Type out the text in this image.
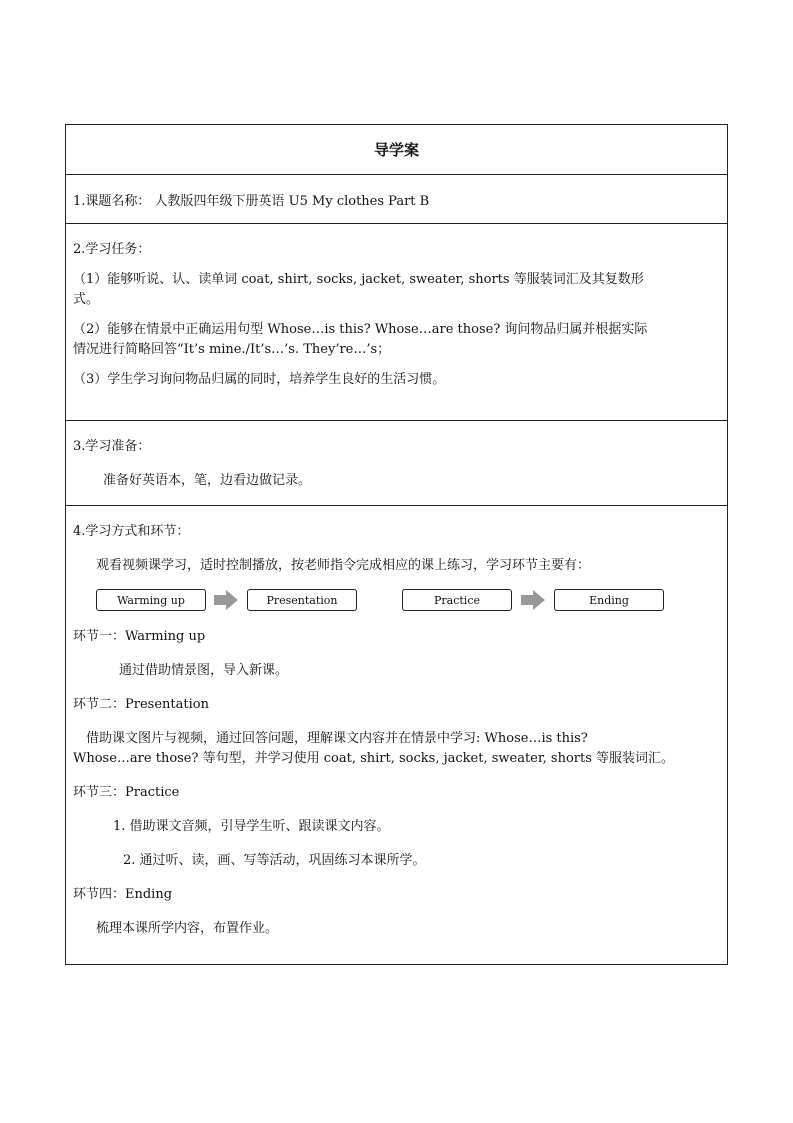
导学案
1.课题名称： 人教版四年级下册英语 U5 My clothes Part B

2.学习任务：

（1）能够听说、认、读单词 coat, shirt, socks, jacket, sweater, shorts 等服装词汇及其复数形

式。

（2）能够在情景中正确运用句型 Whose…is this? Whose…are those? 询问物品归属并根据实际

情况进行简略回答“It’s mine./It’s…’s. They’re…’s；

（3）学生学习询问物品归属的同时，培养学生良好的生活习惯。

3.学习准备：

准备好英语本，笔，边看边做记录。

4.学习方式和环节：

观看视频课学习，适时控制播放，按老师指令完成相应的课上练习，学习环节主要有：

Warming up	Presentation	Practice	Ending

环节一：Warming up

通过借助情景图，导入新课。

环节二：Presentation

借助课文图片与视频，通过回答问题，理解课文内容并在情景中学习: Whose…is this?

Whose…are those? 等句型，并学习使用 coat, shirt, socks, jacket, sweater, shorts 等服装词汇。

环节三：Practice

1. 借助课文音频，引导学生听、跟读课文内容。

2. 通过听、读，画、写等活动，巩固练习本课所学。

环节四：Ending

梳理本课所学内容，布置作业。
